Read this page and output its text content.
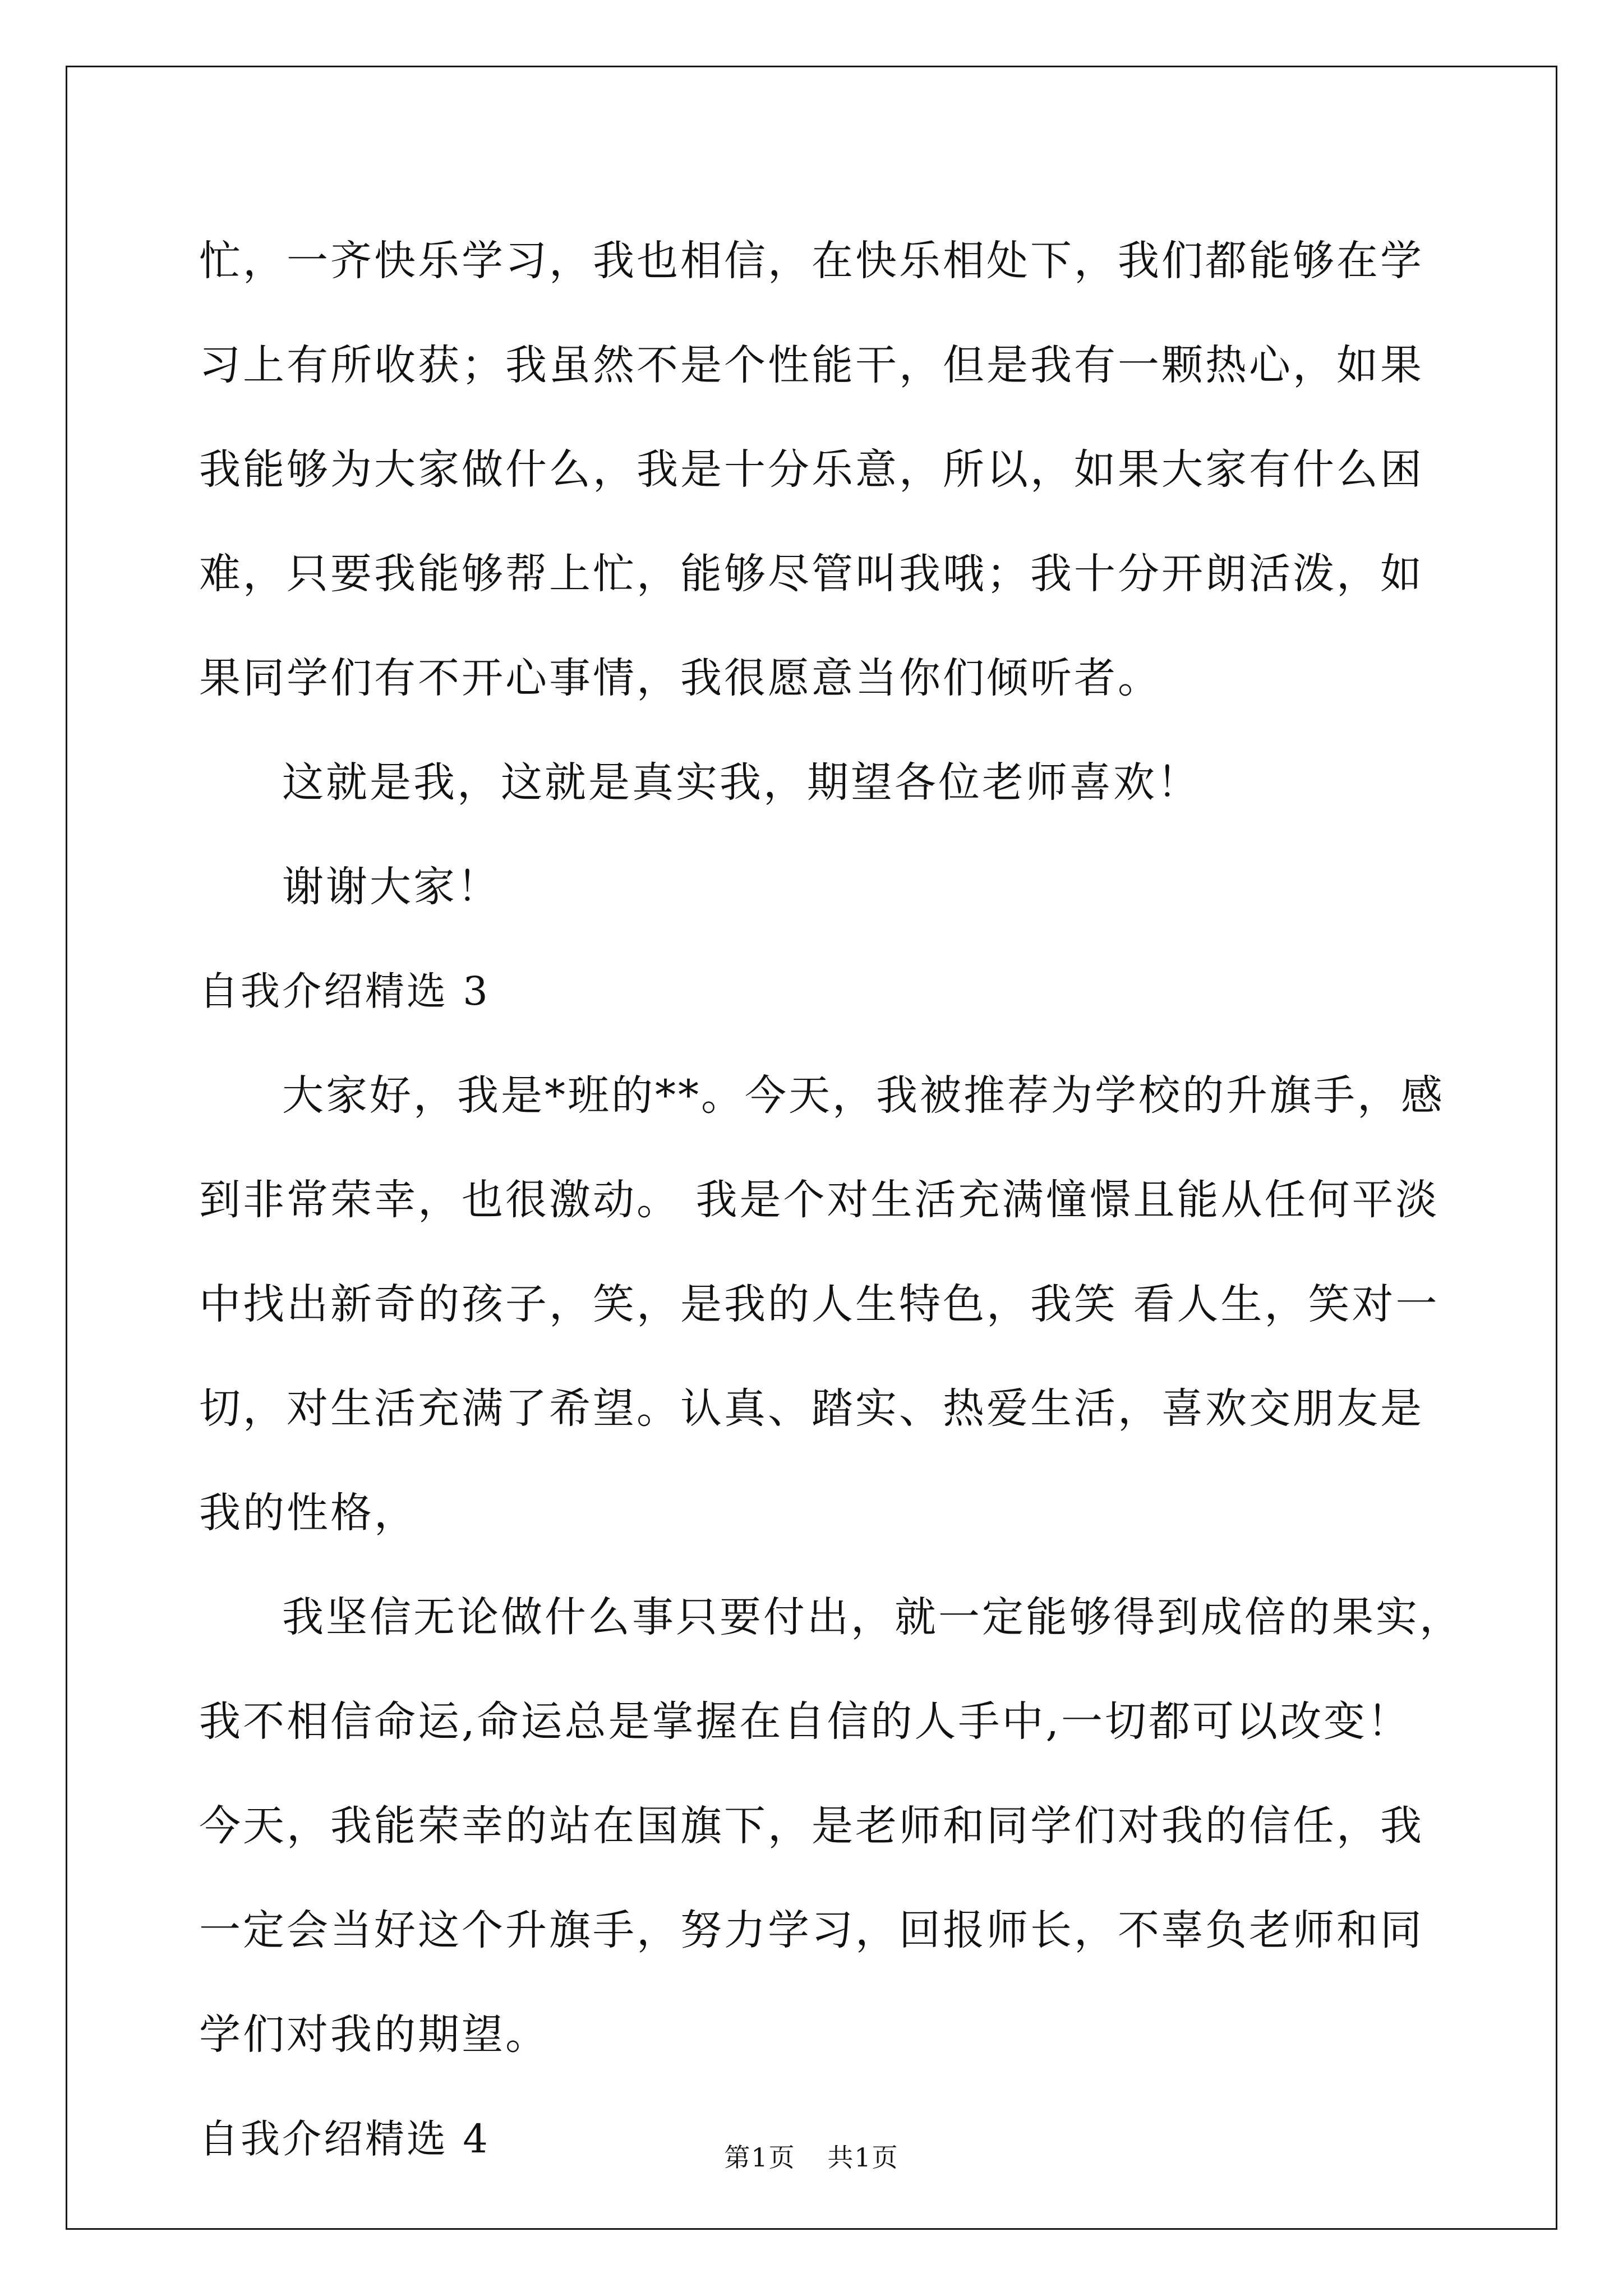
忙，一齐快乐学习，我也相信，在快乐相处下，我们都能够在学习上有所收获；我虽然不是个性能干，但是我有一颗热心，如果我能够为大家做什么，我是十分乐意，所以，如果大家有什么困难，只要我能够帮上忙，能够尽管叫我哦；我十分开朗活泼，如果同学们有不开心事情，我很愿意当你们倾听者。

这就是我，这就是真实我，期望各位老师喜欢！

谢谢大家！

自我介绍精选 3

大家好，我是*班的**。今天，我被推荐为学校的升旗手，感到非常荣幸，也很激动。 我是个对生活充满憧憬且能从任何平淡中找出新奇的孩子，笑，是我的人生特色，我笑 看人生，笑对一切，对生活充满了希望。认真、踏实、热爱生活，喜欢交朋友是我的性格，

我坚信无论做什么事只要付出，就一定能够得到成倍的果实，我不相信命运,命运总是掌握在自信的人手中,一切都可以改变！ 今天，我能荣幸的站在国旗下，是老师和同学们对我的信任，我一定会当好这个升旗手，努力学习，回报师长，不辜负老师和同学们对我的期望。

自我介绍精选 4	第1页 共1页
